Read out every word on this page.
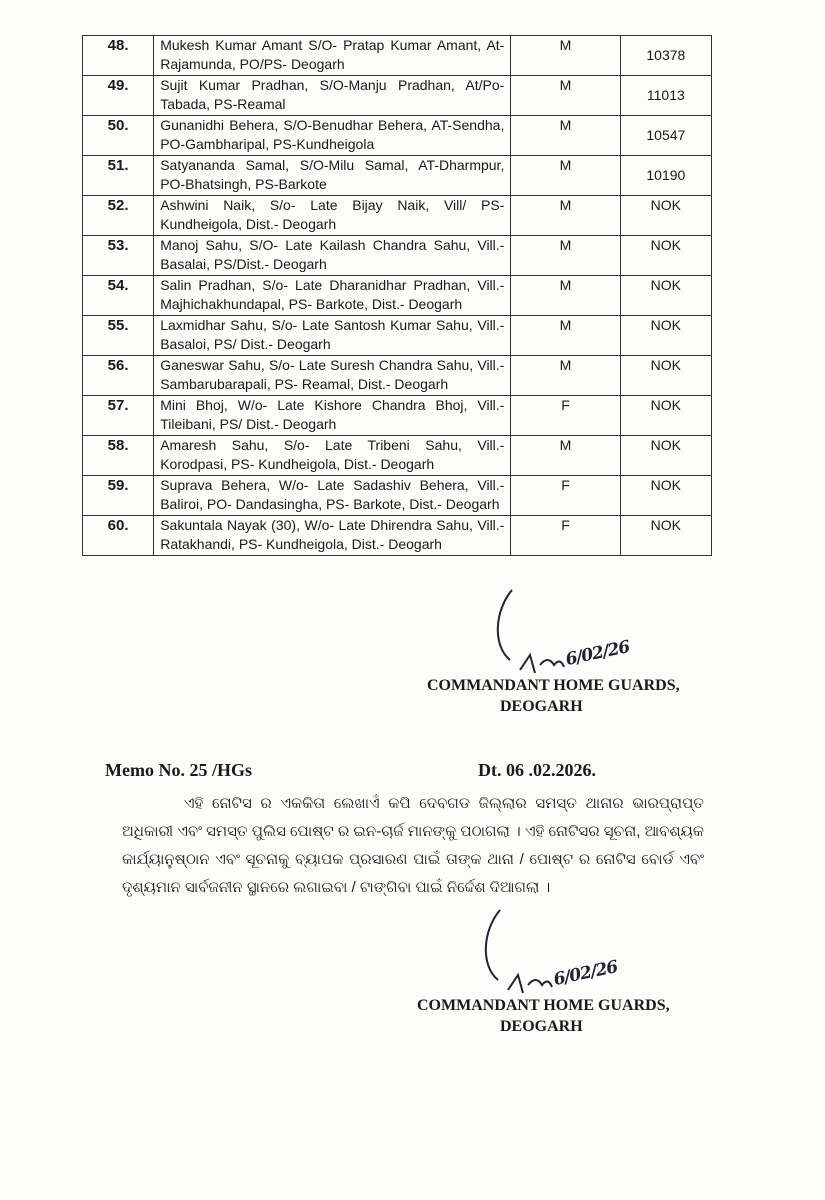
48.	Mukesh Kumar Amant S/O- Pratap Kumar Amant, At- Rajamunda, PO/PS- Deogarh	M	10378
49.	Sujit Kumar Pradhan, S/O-Manju Pradhan, At/Po-Tabada, PS-Reamal	M	11013
50.	Gunanidhi Behera, S/O-Benudhar Behera, AT-Sendha, PO-Gambharipal, PS-Kundheigola	M	10547
51.	Satyananda Samal, S/O-Milu Samal, AT-Dharmpur, PO-Bhatsingh, PS-Barkote	M	10190
52.	Ashwini Naik, S/o- Late Bijay Naik, Vill/ PS-Kundheigola, Dist.- Deogarh	M	NOK
53.	Manoj Sahu, S/O- Late Kailash Chandra Sahu, Vill.- Basalai, PS/Dist.- Deogarh	M	NOK
54.	Salin Pradhan, S/o- Late Dharanidhar Pradhan, Vill.- Majhichakhundapal, PS- Barkote, Dist.- Deogarh	M	NOK
55.	Laxmidhar Sahu, S/o- Late Santosh Kumar Sahu, Vill.- Basaloi, PS/ Dist.- Deogarh	M	NOK
56.	Ganeswar Sahu, S/o- Late Suresh Chandra Sahu, Vill.- Sambarubarapali, PS- Reamal, Dist.- Deogarh	M	NOK
57.	Mini Bhoj, W/o- Late Kishore Chandra Bhoj, Vill.- Tileibani, PS/ Dist.- Deogarh	F	NOK
58.	Amaresh Sahu, S/o- Late Tribeni Sahu, Vill.- Korodpasi, PS- Kundheigola, Dist.- Deogarh	M	NOK
59.	Suprava Behera, W/o- Late Sadashiv Behera, Vill.- Baliroi, PO- Dandasingha, PS- Barkote, Dist.- Deogarh	F	NOK
60.	Sakuntala Nayak (30), W/o- Late Dhirendra Sahu, Vill.- Ratakhandi, PS- Kundheigola, Dist.- Deogarh	F	NOK
6/02/26
COMMANDANT HOME GUARDS,
DEOGARH
Memo No. 25 /HGs	Dt. 06 .02.2026.
ଏହି ନୋଟିସ ର ଏକକିତା ଲେଖାଏଁ କପି ଦେବଗଡ ଜିଲ୍ଲାର ସମସ୍ତ ଥାନାର ଭାରପ୍ରାପ୍ତ ଅଧିକାରୀ ଏବଂ ସମସ୍ତ ପୁଲିସ ପୋଷ୍ଟ ର ଇନ-ଚାର୍ଜ ମାନଙ୍କୁ ପଠାଗଲା । ଏହି ନୋଟିସର ସୂଚନା, ଆବଶ୍ୟକ କାର୍ଯ୍ୟାନୁଷ୍ଠାନ ଏବଂ ସୂଚନାକୁ ବ୍ୟାପକ ପ୍ରସାରଣ ପାଇଁ ତାଙ୍କ ଥାନା / ପୋଷ୍ଟ ର ନୋଟିସ ବୋର୍ଡ ଏବଂ ଦୃଶ୍ୟମାନ ସାର୍ବଜନୀନ ସ୍ଥାନରେ ଲଗାଇବା / ଟାଙ୍ଗିବା ପାଇଁ ନିର୍ଦ୍ଦେଶ ଦିଆଗଲା ।
6/02/26
COMMANDANT HOME GUARDS,
DEOGARH
